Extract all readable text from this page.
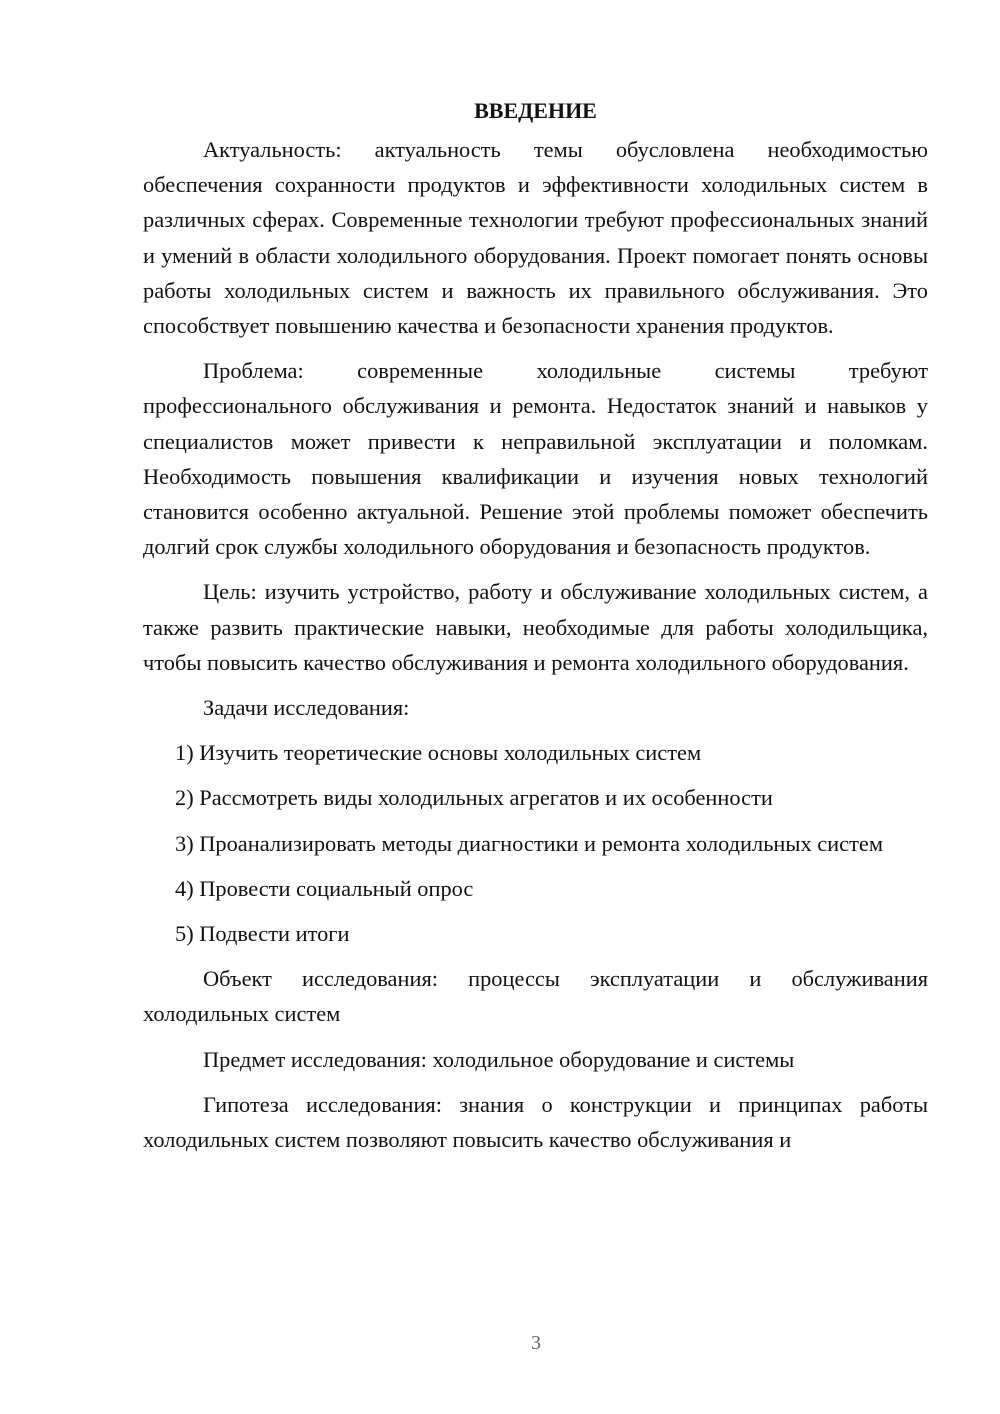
ВВЕДЕНИЕ

Актуальность: актуальность темы обусловлена необходимостью обеспечения сохранности продуктов и эффективности холодильных систем в различных сферах. Современные технологии требуют профессиональных знаний и умений в области холодильного оборудования. Проект помогает понять основы работы холодильных систем и важность их правильного обслуживания. Это способствует повышению качества и безопасности хранения продуктов.

Проблема: современные холодильные системы требуют профессионального обслуживания и ремонта. Недостаток знаний и навыков у специалистов может привести к неправильной эксплуатации и поломкам. Необходимость повышения квалификации и изучения новых технологий становится особенно актуальной. Решение этой проблемы поможет обеспечить долгий срок службы холодильного оборудования и безопасность продуктов.

Цель: изучить устройство, работу и обслуживание холодильных систем, а также развить практические навыки, необходимые для работы холодильщика, чтобы повысить качество обслуживания и ремонта холодильного оборудования.

Задачи исследования:

1) Изучить теоретические основы холодильных систем

2) Рассмотреть виды холодильных агрегатов и их особенности

3) Проанализировать методы диагностики и ремонта холодильных систем

4) Провести социальный опрос

5) Подвести итоги

Объект исследования: процессы эксплуатации и обслуживания холодильных систем

Предмет исследования: холодильное оборудование и системы

Гипотеза исследования: знания о конструкции и принципах работы холодильных систем позволяют повысить качество обслуживания и

3
